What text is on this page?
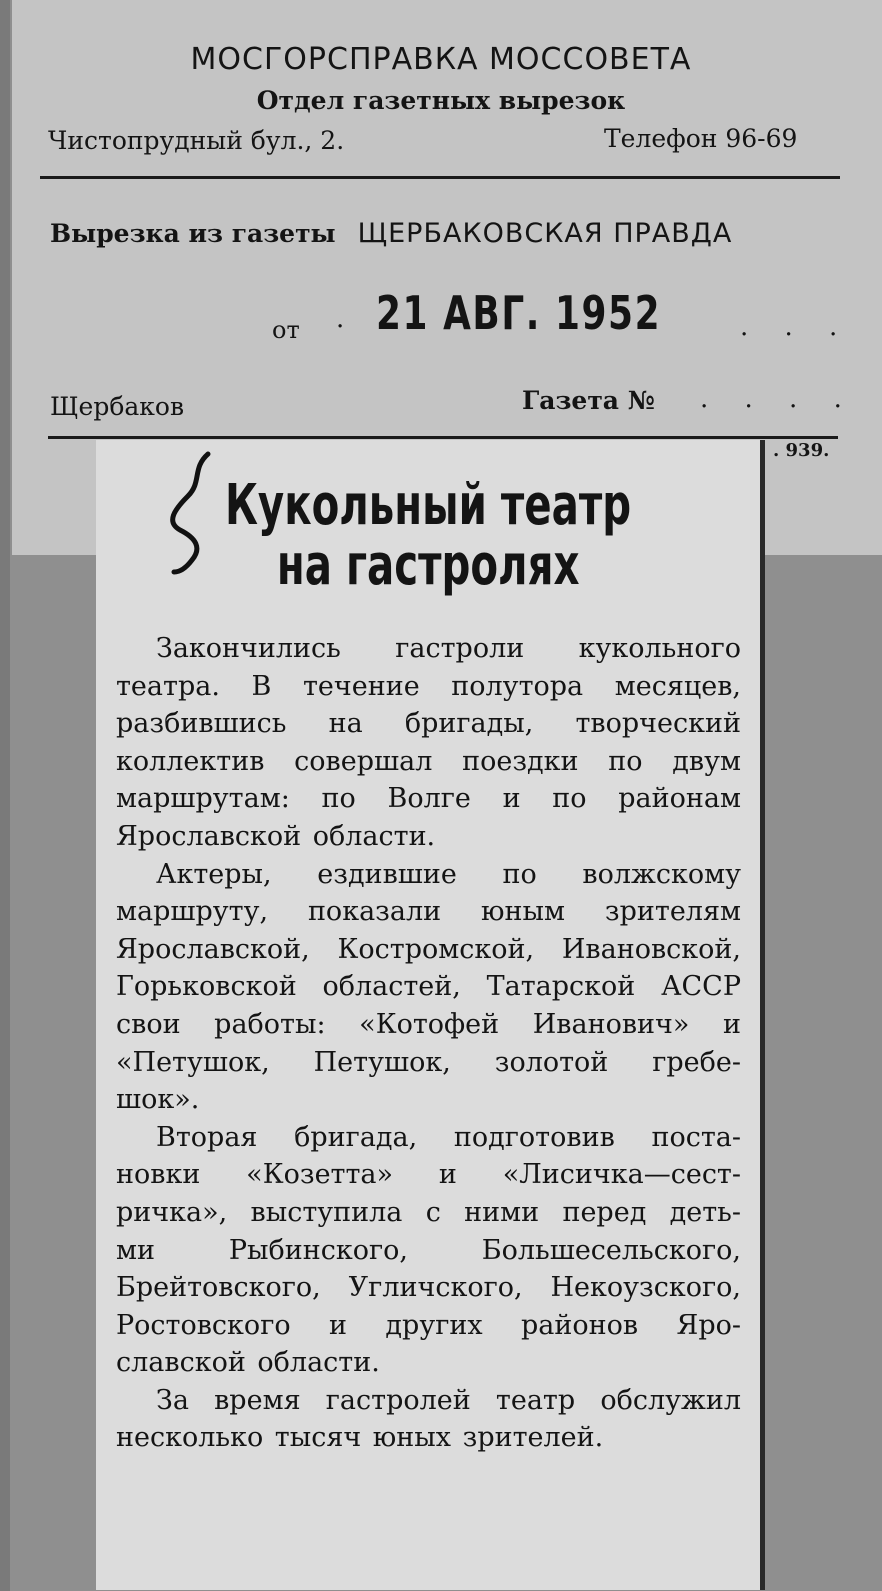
МОСГОРСПРАВКА МОССОВЕТА
Отдел газетных вырезок
Чистопрудный бул., 2.	Телефон 96-69
Вырезка из газеты ЩЕРБАКОВСКАЯ ПРАВДА
от · 21 АВГ. 1952	. . .
Щербаков	Газета № . . . .
. 939.
Кукольный театр
на гастролях

Закончились гастроли кукольного
театра. В течение полутора месяцев,
разбившись на бригады, творческий
коллектив совершал поездки по двум
маршрутам: по Волге и по районам
Ярославской области.

Актеры, ездившие по волжскому
маршруту, показали юным зрителям
Ярославской, Костромской, Ивановской,
Горьковской областей, Татарской АССР
свои работы: «Котофей Иванович» и
«Петушок, Петушок, золотой гребе-
шок».

Вторая бригада, подготовив поста-
новки «Козетта» и «Лисичка—сест-
ричка», выступила с ними перед деть-
ми Рыбинского, Большесельского,
Брейтовского, Угличского, Некоузского,
Ростовского и других районов Яро-
славской области.

За время гастролей театр обслужил
несколько тысяч юных зрителей.
